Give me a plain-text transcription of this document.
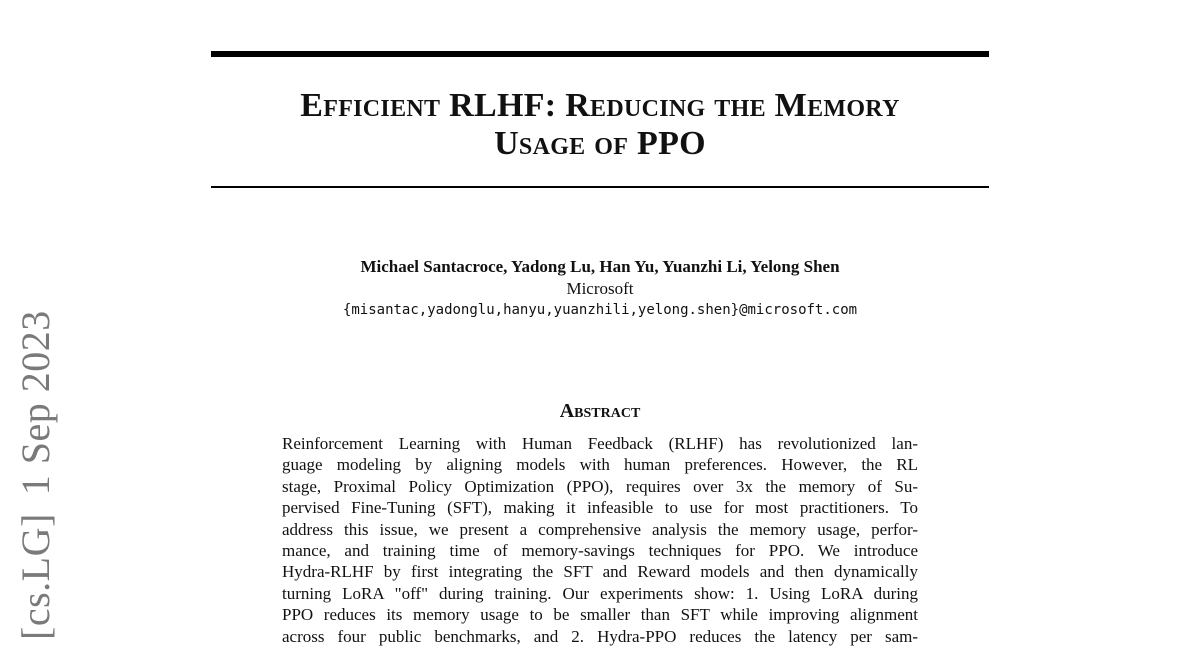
Efficient RLHF: Reducing the Memory
Usage of PPO
Michael Santacroce, Yadong Lu, Han Yu, Yuanzhi Li, Yelong Shen
Microsoft
{misantac,yadonglu,hanyu,yuanzhili,yelong.shen}@microsoft.com
Abstract
Reinforcement Learning with Human Feedback (RLHF) has revolutionized lan-
guage modeling by aligning models with human preferences. However, the RL
stage, Proximal Policy Optimization (PPO), requires over 3x the memory of Su-
pervised Fine-Tuning (SFT), making it infeasible to use for most practitioners. To
address this issue, we present a comprehensive analysis the memory usage, perfor-
mance, and training time of memory-savings techniques for PPO. We introduce
Hydra-RLHF by first integrating the SFT and Reward models and then dynamically
turning LoRA "off" during training. Our experiments show: 1. Using LoRA during
PPO reduces its memory usage to be smaller than SFT while improving alignment
across four public benchmarks, and 2. Hydra-PPO reduces the latency per sam-
[cs.LG]1 Sep 2023
